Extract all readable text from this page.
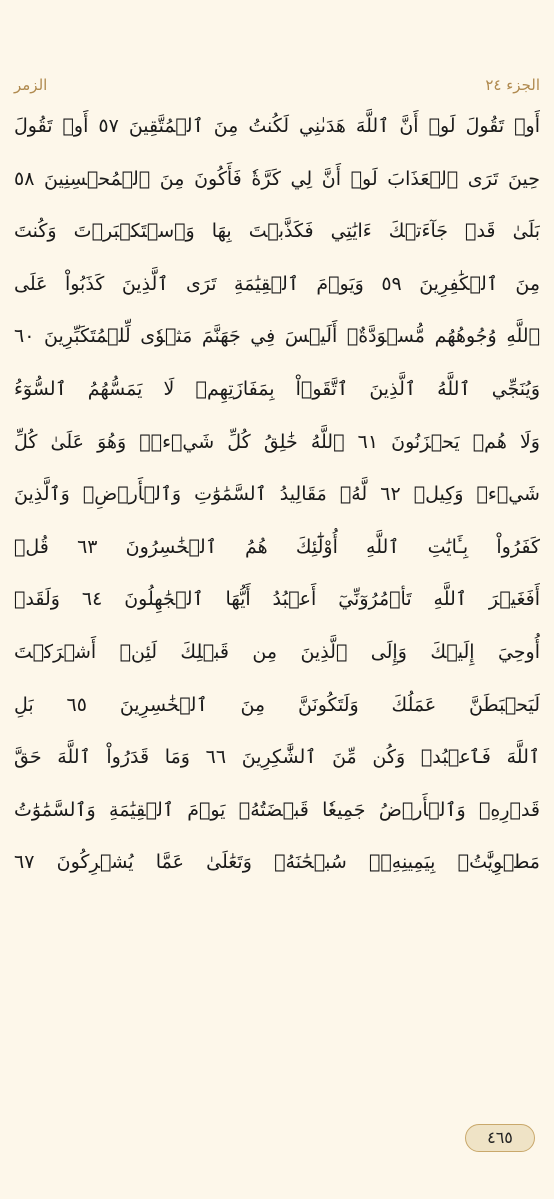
الجزء ٢٤
الزمر
أَوۡ تَقُولَ لَوۡ أَنَّ ٱللَّهَ هَدَىٰنِي لَكُنتُ مِنَ ٱلۡمُتَّقِينَ ٥٧ أَوۡ تَقُولَ
حِينَ تَرَى ٱلۡعَذَابَ لَوۡ أَنَّ لِي كَرَّةٗ فَأَكُونَ مِنَ ٱلۡمُحۡسِنِينَ ٥٨
بَلَىٰ قَدۡ جَآءَتۡكَ ءَايَٰتِي فَكَذَّبۡتَ بِهَا وَٱسۡتَكۡبَرۡتَ وَكُنتَ
مِنَ ٱلۡكَٰفِرِينَ ٥٩ وَيَوۡمَ ٱلۡقِيَٰمَةِ تَرَى ٱلَّذِينَ كَذَبُواْ عَلَى
ٱللَّهِ وُجُوهُهُم مُّسۡوَدَّةٌۚ أَلَيۡسَ فِي جَهَنَّمَ مَثۡوٗى لِّلۡمُتَكَبِّرِينَ ٦٠
وَيُنَجِّي ٱللَّهُ ٱلَّذِينَ ٱتَّقَوۡاْ بِمَفَازَتِهِمۡ لَا يَمَسُّهُمُ ٱلسُّوٓءُ
وَلَا هُمۡ يَحۡزَنُونَ ٦١ ٱللَّهُ خَٰلِقُ كُلِّ شَيۡءٖۖ وَهُوَ عَلَىٰ كُلِّ
شَيۡءٖ وَكِيلٞ ٦٢ لَّهُۥ مَقَالِيدُ ٱلسَّمَٰوَٰتِ وَٱلۡأَرۡضِۗ وَٱلَّذِينَ
كَفَرُواْ بِـَٔايَٰتِ ٱللَّهِ أُوْلَٰٓئِكَ هُمُ ٱلۡخَٰسِرُونَ ٦٣ قُلۡ
أَفَغَيۡرَ ٱللَّهِ تَأۡمُرُوٓنِّيٓ أَعۡبُدُ أَيُّهَا ٱلۡجَٰهِلُونَ ٦٤ وَلَقَدۡ
أُوحِيَ إِلَيۡكَ وَإِلَى ٱلَّذِينَ مِن قَبۡلِكَ لَئِنۡ أَشۡرَكۡتَ
لَيَحۡبَطَنَّ عَمَلُكَ وَلَتَكُونَنَّ مِنَ ٱلۡخَٰسِرِينَ ٦٥ بَلِ
ٱللَّهَ فَٱعۡبُدۡ وَكُن مِّنَ ٱلشَّٰكِرِينَ ٦٦ وَمَا قَدَرُواْ ٱللَّهَ حَقَّ
قَدۡرِهِۦ وَٱلۡأَرۡضُ جَمِيعٗا قَبۡضَتُهُۥ يَوۡمَ ٱلۡقِيَٰمَةِ وَٱلسَّمَٰوَٰتُ
مَطۡوِيَّٰتُۢ بِيَمِينِهِۦۚ سُبۡحَٰنَهُۥ وَتَعَٰلَىٰ عَمَّا يُشۡرِكُونَ ٦٧
٤٦٥
